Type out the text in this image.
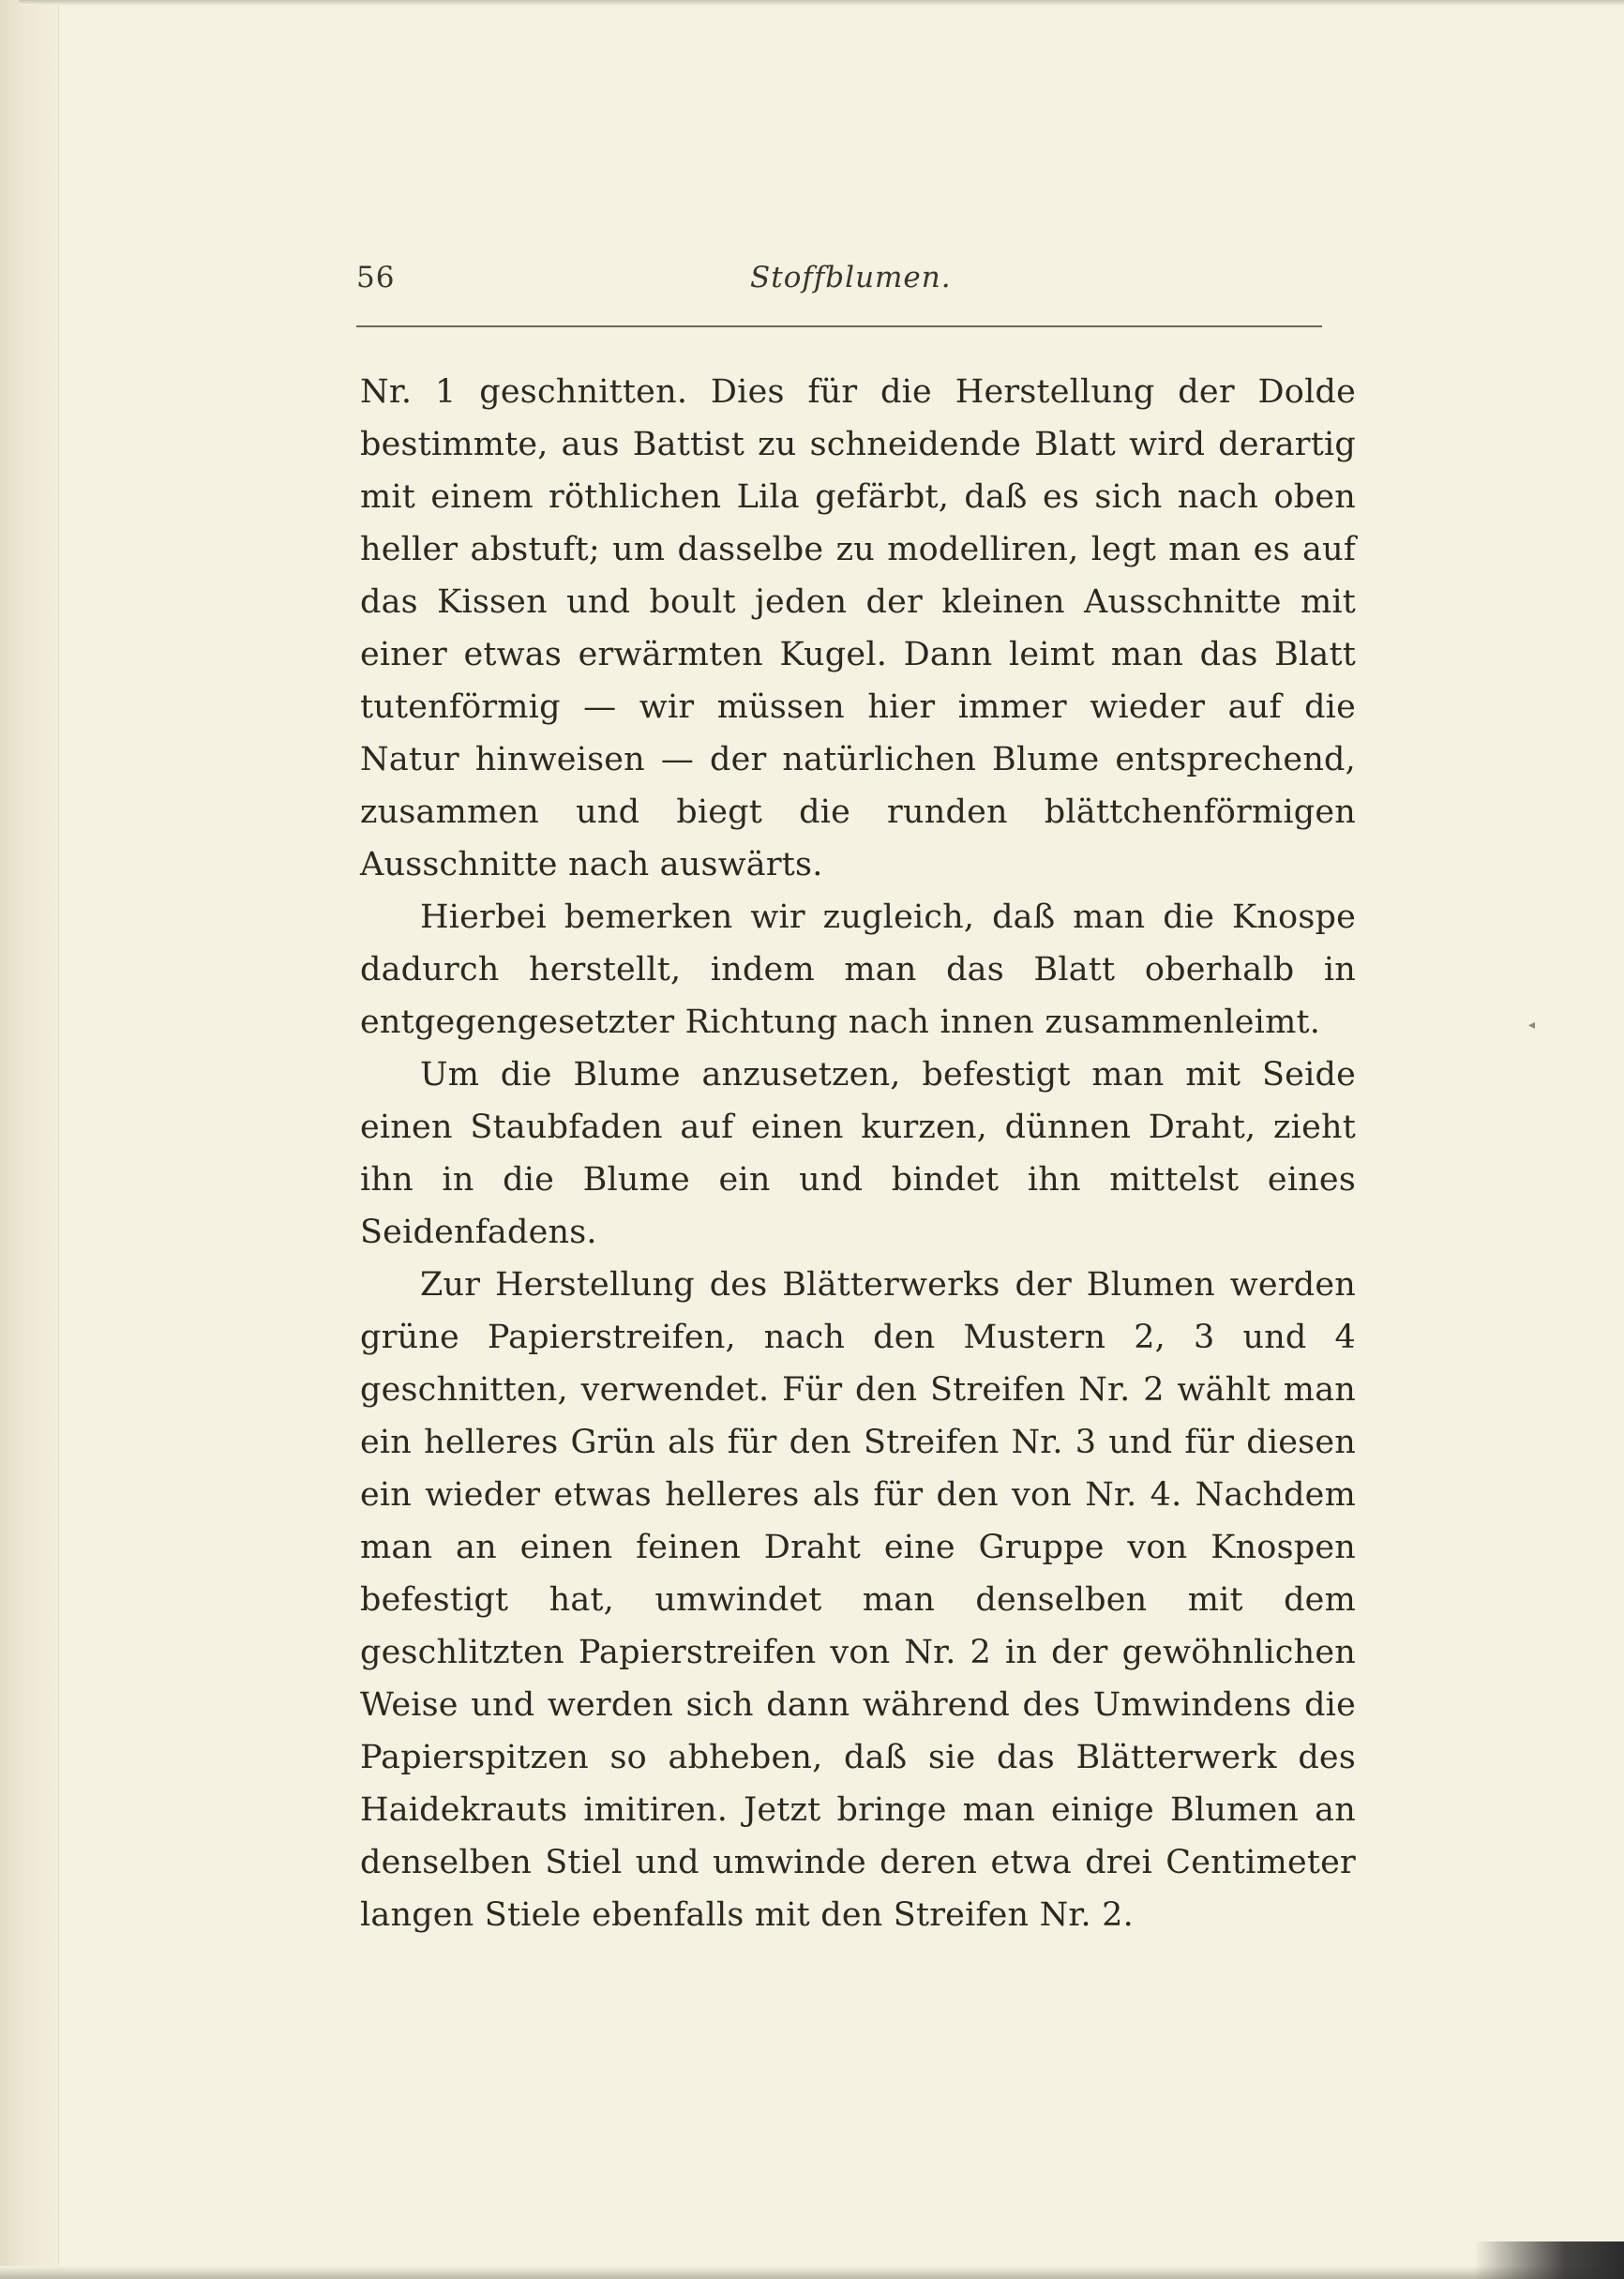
56	Stoffblumen.

Nr. 1 geschnitten. Dies für die Herstellung der Dolde bestimmte, aus Battist zu schneidende Blatt wird derartig mit einem röthlichen Lila gefärbt, daß es sich nach oben heller abstuft; um dasselbe zu modelliren, legt man es auf das Kissen und boult jeden der kleinen Ausschnitte mit einer etwas erwärmten Kugel. Dann leimt man das Blatt tutenförmig — wir müssen hier immer wieder auf die Natur hinweisen — der natürlichen Blume entsprechend, zusammen und biegt die runden blättchenförmigen Ausschnitte nach auswärts.

Hierbei bemerken wir zugleich, daß man die Knospe dadurch herstellt, indem man das Blatt oberhalb in entgegengesetzter Richtung nach innen zusammenleimt.

Um die Blume anzusetzen, befestigt man mit Seide einen Staubfaden auf einen kurzen, dünnen Draht, zieht ihn in die Blume ein und bindet ihn mittelst eines Seidenfadens.

Zur Herstellung des Blätterwerks der Blumen werden grüne Papierstreifen, nach den Mustern 2, 3 und 4 geschnitten, verwendet. Für den Streifen Nr. 2 wählt man ein helleres Grün als für den Streifen Nr. 3 und für diesen ein wieder etwas helleres als für den von Nr. 4. Nachdem man an einen feinen Draht eine Gruppe von Knospen befestigt hat, umwindet man denselben mit dem geschlitzten Papierstreifen von Nr. 2 in der gewöhnlichen Weise und werden sich dann während des Umwindens die Papierspitzen so abheben, daß sie das Blätterwerk des Haidekrauts imitiren. Jetzt bringe man einige Blumen an denselben Stiel und umwinde deren etwa drei Centimeter langen Stiele ebenfalls mit den Streifen Nr. 2.

◂
